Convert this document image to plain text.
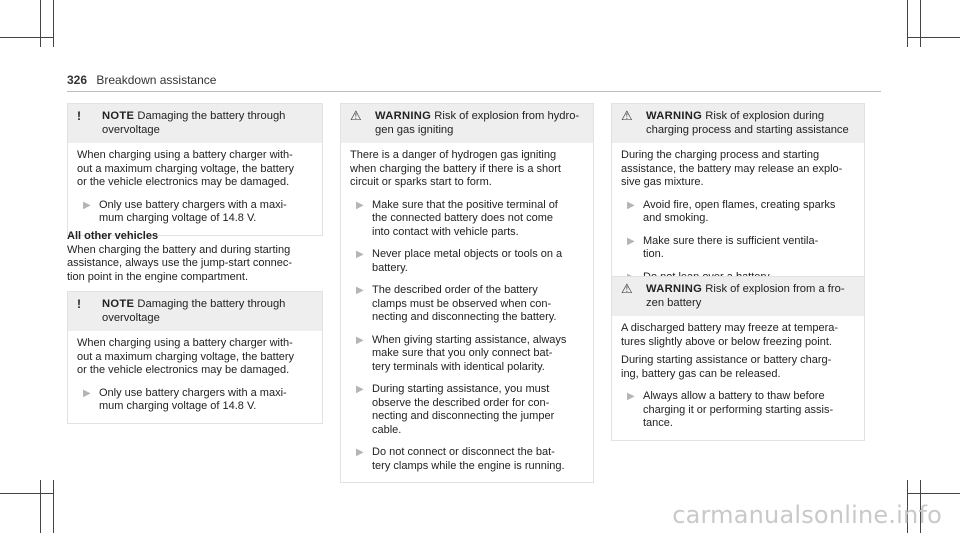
326 Breakdown assistance
!	NOTE Damaging the battery through
overvoltage

When charging using a battery charger with-
out a maximum charging voltage, the battery
or the vehicle electronics may be damaged.

▶ Only use battery chargers with a maxi-
mum charging voltage of 14.8 V.
All other vehicles
When charging the battery and during starting
assistance, always use the jump-start connec-
tion point in the engine compartment.
!	NOTE Damaging the battery through
overvoltage

When charging using a battery charger with-
out a maximum charging voltage, the battery
or the vehicle electronics may be damaged.

▶ Only use battery chargers with a maxi-
mum charging voltage of 14.8 V.
⚠	WARNING Risk of explosion from hydro-
gen gas igniting

There is a danger of hydrogen gas igniting
when charging the battery if there is a short
circuit or sparks start to form.

▶ Make sure that the positive terminal of
the connected battery does not come
into contact with vehicle parts.
▶ Never place metal objects or tools on a
battery.
▶ The described order of the battery
clamps must be observed when con-
necting and disconnecting the battery.
▶ When giving starting assistance, always
make sure that you only connect bat-
tery terminals with identical polarity.
▶ During starting assistance, you must
observe the described order for con-
necting and disconnecting the jumper
cable.
▶ Do not connect or disconnect the bat-
tery clamps while the engine is running.
⚠	WARNING Risk of explosion during
charging process and starting assistance

During the charging process and starting
assistance, the battery may release an explo-
sive gas mixture.

▶ Avoid fire, open flames, creating sparks
and smoking.
▶ Make sure there is sufficient ventila-
tion.
⚠	WARNING Risk of explosion from a fro-
zen battery

A discharged battery may freeze at tempera-
tures slightly above or below freezing point.

During starting assistance or battery charg-
ing, battery gas can be released.

▶ Always allow a battery to thaw before
charging it or performing starting assis-
tance.
carmanualsonline.info
